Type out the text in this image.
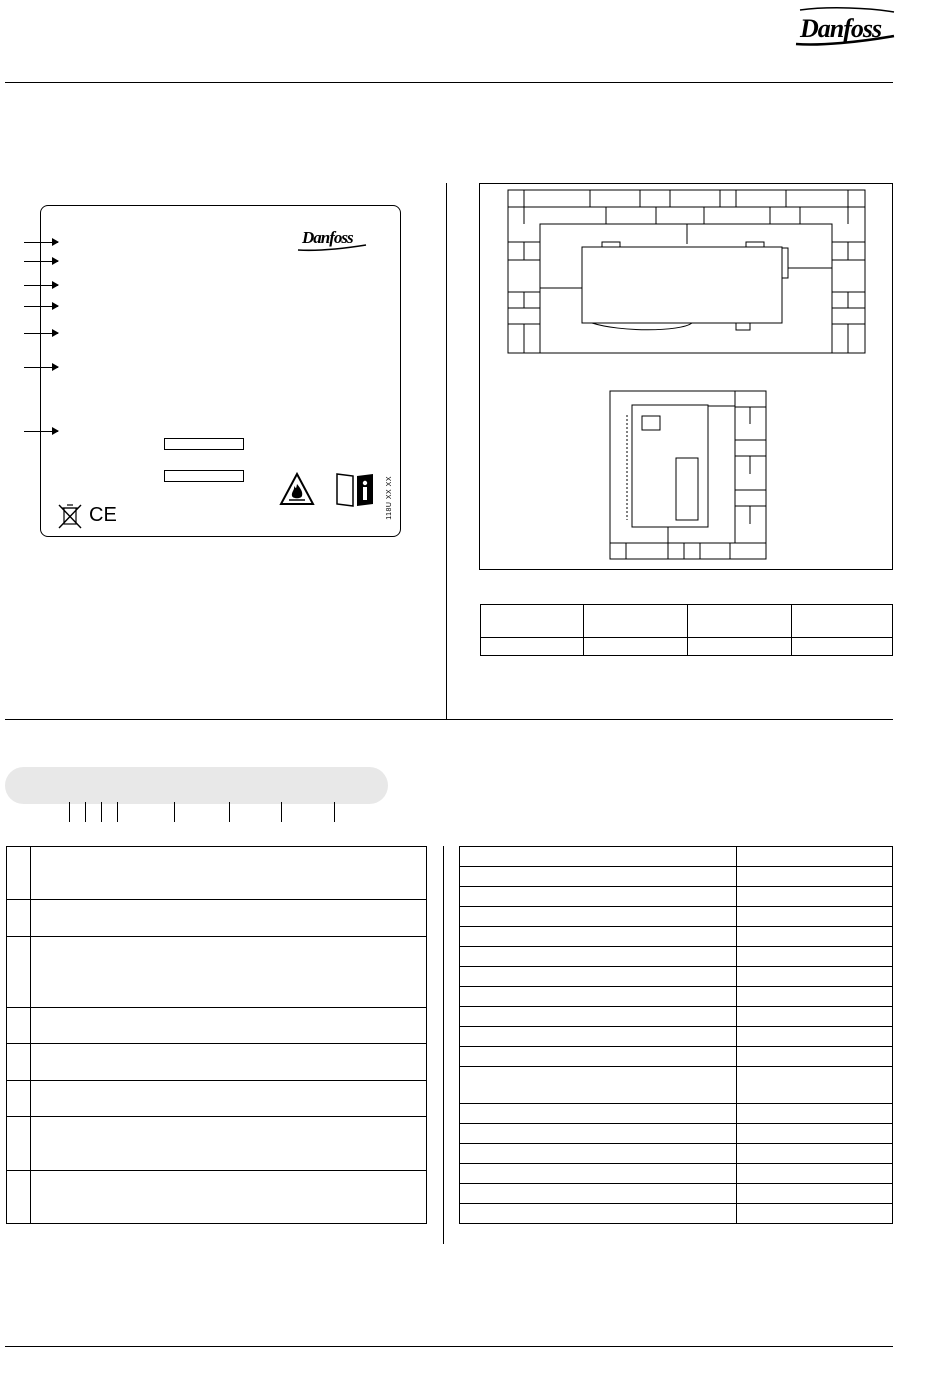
Danfoss
Danfoss
CE	118U XX XX
